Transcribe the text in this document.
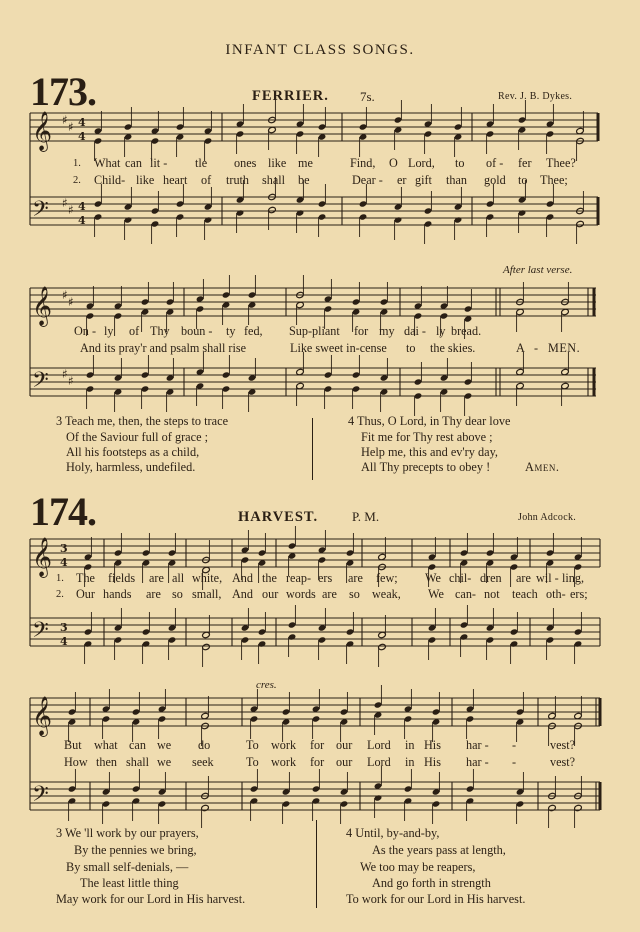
INFANT CLASS SONGS.
173.	FERRIER. 7s.	Rev. J. B. Dykes.
𝄞 ♯ ♯ 4
4
𝄢 ♯ ♯ 4
4
𝄞 ♯ ♯
𝄢 ♯ ♯
1. What can lit - tle ones like me	Find, O Lord, to of - fer Thee?
2. Child- like heart of truth shall be	Dear - er gift than gold to Thee;
After last verse.
On - ly of Thy boun - ty fed, Sup-pliant for my dai - ly bread.
And its pray'r and psalm shall rise	Like sweet in-cense to the skies.	A - MEN.
3 Teach me, then, the steps to trace
Of the Saviour full of grace ;
All his footsteps as a child,
Holy, harmless, undefiled.
4 Thus, O Lord, in Thy dear love
Fit me for Thy rest above ;
Help me, this and ev'ry day,
All Thy precepts to obey !	Amen.
174.	HARVEST.	P. M.	John Adcock.
𝄞 3
4
𝄢 3
4
𝄞
𝄢
1. The fields are all white, And the reap- ers are few; We chil- dren are wil - ling,
2. Our hands are so small, And our words are so weak, We can- not teach oth- ers;
cres.
But what can we do	To work for our Lord in His har - -	vest?
How then shall we seek	To work for our Lord in His har - -	vest?
3 We 'll work by our prayers,
By the pennies we bring,
By small self-denials, —
The least little thing
May work for our Lord in His harvest.
4 Until, by-and-by,
As the years pass at length,
We too may be reapers,
And go forth in strength
To work for our Lord in His harvest.
